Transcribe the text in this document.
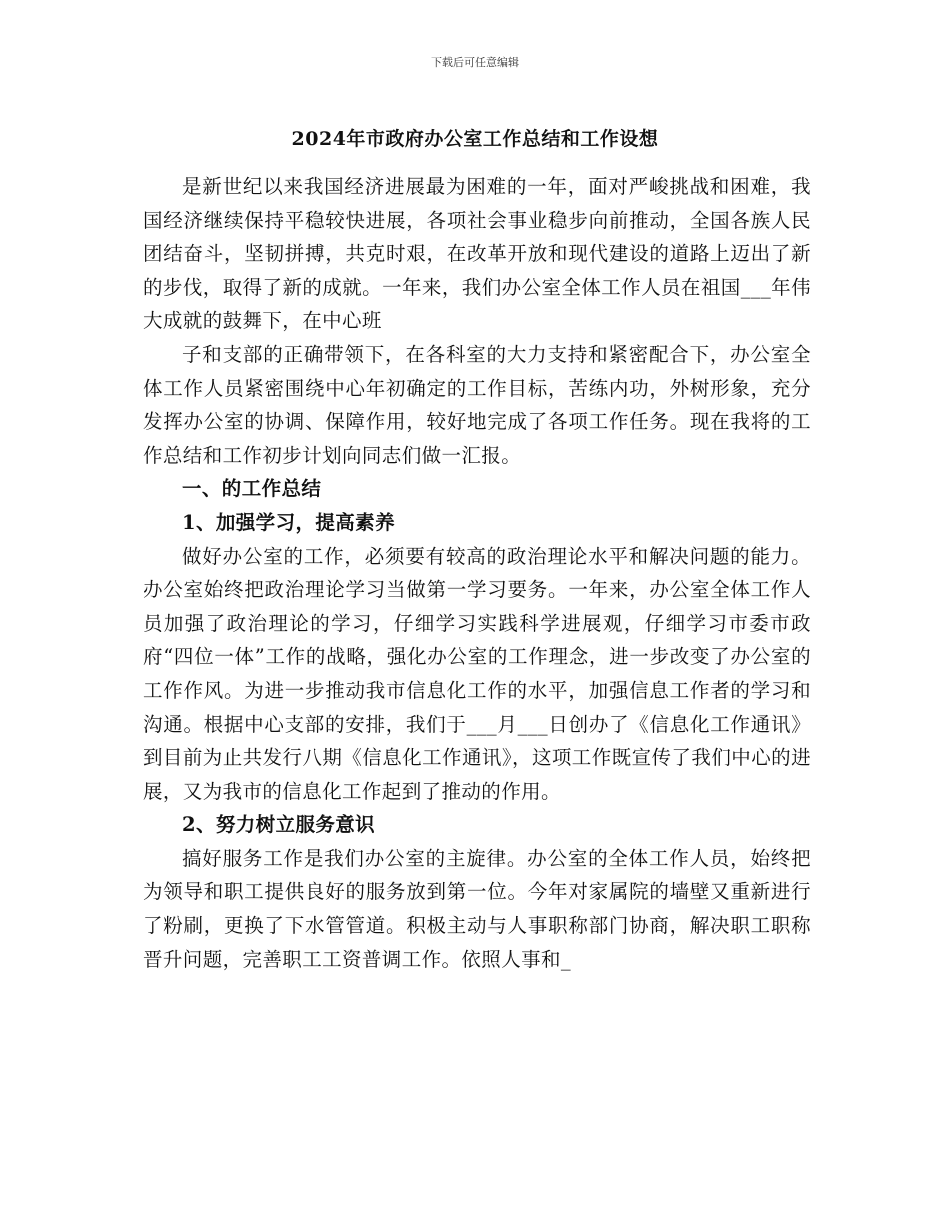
下载后可任意编辑
2024年市政府办公室工作总结和工作设想

是新世纪以来我国经济进展最为困难的一年，面对严峻挑战和困难，我国经济继续保持平稳较快进展，各项社会事业稳步向前推动，全国各族人民团结奋斗，坚韧拼搏，共克时艰，在改革开放和现代建设的道路上迈出了新的步伐，取得了新的成就。一年来，我们办公室全体工作人员在祖国___年伟大成就的鼓舞下，在中心班

子和支部的正确带领下，在各科室的大力支持和紧密配合下，办公室全体工作人员紧密围绕中心年初确定的工作目标，苦练内功，外树形象，充分发挥办公室的协调、保障作用，较好地完成了各项工作任务。现在我将的工作总结和工作初步计划向同志们做一汇报。

一、的工作总结

1、加强学习，提高素养

做好办公室的工作，必须要有较高的政治理论水平和解决问题的能力。办公室始终把政治理论学习当做第一学习要务。一年来，办公室全体工作人员加强了政治理论的学习，仔细学习实践科学进展观，仔细学习市委市政府“四位一体”工作的战略，强化办公室的工作理念，进一步改变了办公室的工作作风。为进一步推动我市信息化工作的水平，加强信息工作者的学习和沟通。根据中心支部的安排，我们于___月___日创办了《信息化工作通讯》到目前为止共发行八期《信息化工作通讯》，这项工作既宣传了我们中心的进展，又为我市的信息化工作起到了推动的作用。

2、努力树立服务意识

搞好服务工作是我们办公室的主旋律。办公室的全体工作人员，始终把为领导和职工提供良好的服务放到第一位。今年对家属院的墙壁又重新进行了粉刷，更换了下水管管道。积极主动与人事职称部门协商，解决职工职称晋升问题，完善职工工资普调工作。依照人事和_
